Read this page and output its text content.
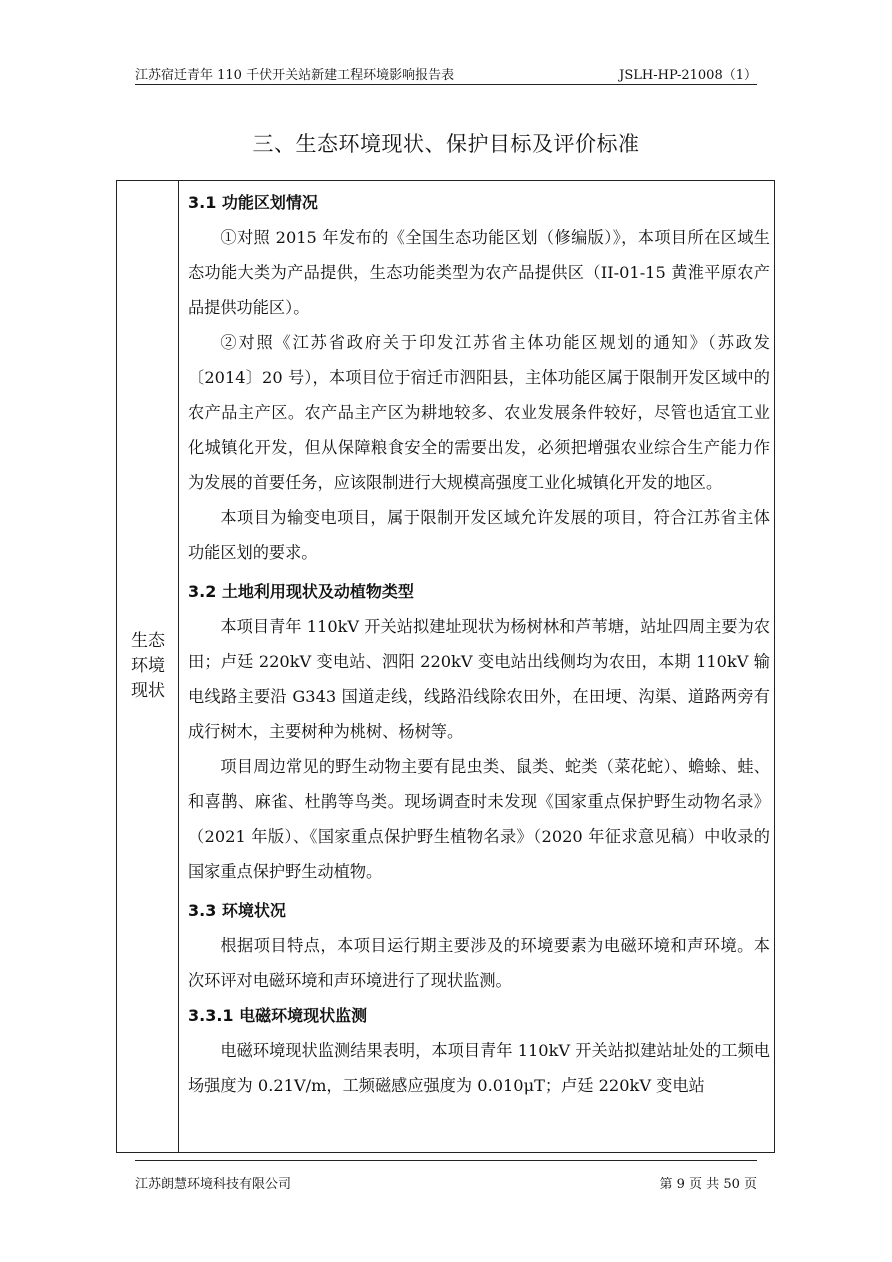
江苏宿迁青年 110 千伏开关站新建工程环境影响报告表	JSLH-HP-21008（1）
三、生态环境现状、保护目标及评价标准
生态环境现状
3.1 功能区划情况

①对照 2015 年发布的《全国生态功能区划（修编版）》，本项目所在区域生态功能大类为产品提供，生态功能类型为农产品提供区（II-01-15 黄淮平原农产品提供功能区）。

②对照《江苏省政府关于印发江苏省主体功能区规划的通知》（苏政发〔2014〕20 号），本项目位于宿迁市泗阳县，主体功能区属于限制开发区域中的农产品主产区。农产品主产区为耕地较多、农业发展条件较好，尽管也适宜工业化城镇化开发，但从保障粮食安全的需要出发，必须把增强农业综合生产能力作为发展的首要任务，应该限制进行大规模高强度工业化城镇化开发的地区。

本项目为输变电项目，属于限制开发区域允许发展的项目，符合江苏省主体功能区划的要求。

3.2 土地利用现状及动植物类型

本项目青年 110kV 开关站拟建址现状为杨树林和芦苇塘，站址四周主要为农田；卢廷 220kV 变电站、泗阳 220kV 变电站出线侧均为农田，本期 110kV 输电线路主要沿 G343 国道走线，线路沿线除农田外，在田埂、沟渠、道路两旁有成行树木，主要树种为桃树、杨树等。

项目周边常见的野生动物主要有昆虫类、鼠类、蛇类（菜花蛇）、蟾蜍、蛙、和喜鹊、麻雀、杜鹃等鸟类。现场调查时未发现《国家重点保护野生动物名录》（2021 年版）、《国家重点保护野生植物名录》（2020 年征求意见稿）中收录的国家重点保护野生动植物。

3.3 环境状况

根据项目特点，本项目运行期主要涉及的环境要素为电磁环境和声环境。本次环评对电磁环境和声环境进行了现状监测。

3.3.1 电磁环境现状监测

电磁环境现状监测结果表明，本项目青年 110kV 开关站拟建站址处的工频电场强度为 0.21V/m，工频磁感应强度为 0.010μT；卢廷 220kV 变电站

江苏朗慧环境科技有限公司	第 9 页 共 50 页
